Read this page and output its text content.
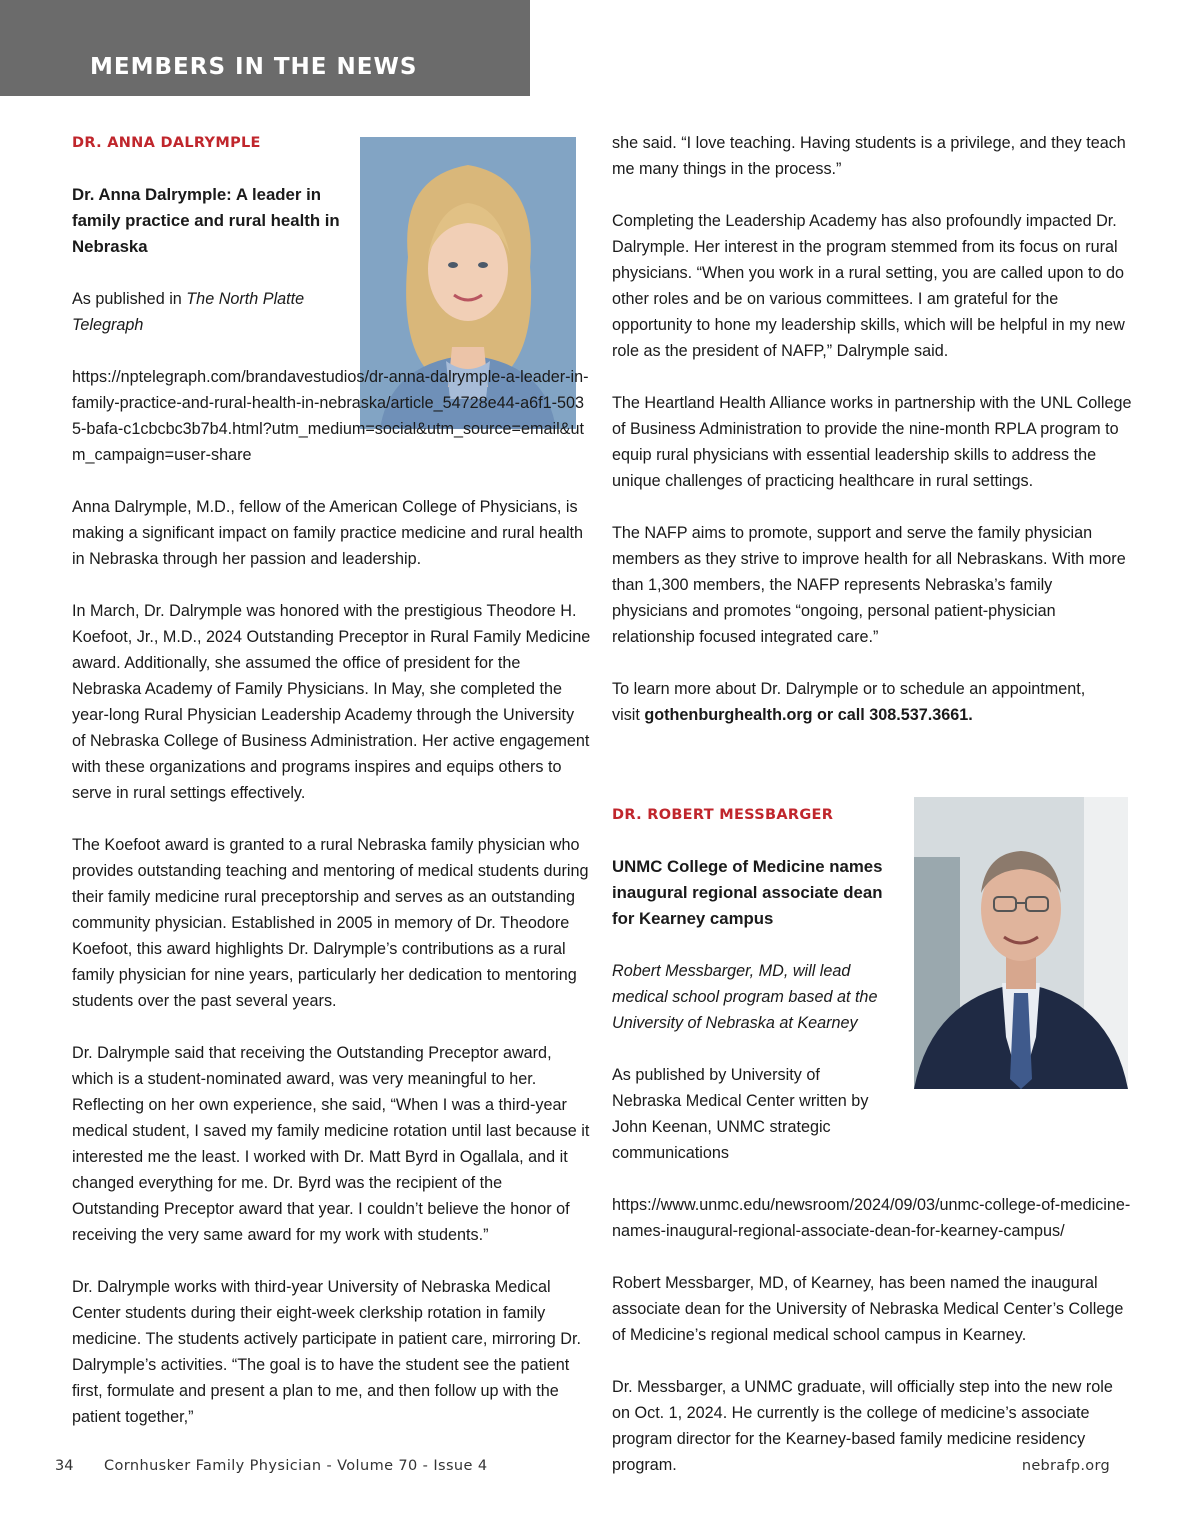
MEMBERS IN THE NEWS

DR. ANNA DALRYMPLE

Dr. Anna Dalrymple: A leader in family practice and rural health in Nebraska

As published in The North Platte Telegraph

https://nptelegraph.com/brandavestudios/dr-anna-dalrymple-a-leader-in-family-practice-and-rural-health-in-nebraska/article_54728e44-a6f1-5035-bafa-c1cbcbc3b7b4.html?utm_medium=social&utm_source=email&utm_campaign=user-share

Anna Dalrymple, M.D., fellow of the American College of Physicians, is making a significant impact on family practice medicine and rural health in Nebraska through her passion and leadership.

In March, Dr. Dalrymple was honored with the prestigious Theodore H. Koefoot, Jr., M.D., 2024 Outstanding Preceptor in Rural Family Medicine award. Additionally, she assumed the office of president for the Nebraska Academy of Family Physicians. In May, she completed the year-long Rural Physician Leadership Academy through the University of Nebraska College of Business Administration. Her active engagement with these organizations and programs inspires and equips others to serve in rural settings effectively.

The Koefoot award is granted to a rural Nebraska family physician who provides outstanding teaching and mentoring of medical students during their family medicine rural preceptorship and serves as an outstanding community physician. Established in 2005 in memory of Dr. Theodore Koefoot, this award highlights Dr. Dalrymple’s contributions as a rural family physician for nine years, particularly her dedication to mentoring students over the past several years.

Dr. Dalrymple said that receiving the Outstanding Preceptor award, which is a student-nominated award, was very meaningful to her. Reflecting on her own experience, she said, “When I was a third-year medical student, I saved my family medicine rotation until last because it interested me the least. I worked with Dr. Matt Byrd in Ogallala, and it changed everything for me. Dr. Byrd was the recipient of the Outstanding Preceptor award that year. I couldn’t believe the honor of receiving the very same award for my work with students.”

Dr. Dalrymple works with third-year University of Nebraska Medical Center students during their eight-week clerkship rotation in family medicine. The students actively participate in patient care, mirroring Dr. Dalrymple’s activities. “The goal is to have the student see the patient first, formulate and present a plan to me, and then follow up with the patient together,”

she said. “I love teaching. Having students is a privilege, and they teach me many things in the process.”

Completing the Leadership Academy has also profoundly impacted Dr. Dalrymple. Her interest in the program stemmed from its focus on rural physicians. “When you work in a rural setting, you are called upon to do other roles and be on various committees. I am grateful for the opportunity to hone my leadership skills, which will be helpful in my new role as the president of NAFP,” Dalrymple said.

The Heartland Health Alliance works in partnership with the UNL College of Business Administration to provide the nine-month RPLA program to equip rural physicians with essential leadership skills to address the unique challenges of practicing healthcare in rural settings.

The NAFP aims to promote, support and serve the family physician members as they strive to improve health for all Nebraskans. With more than 1,300 members, the NAFP represents Nebraska’s family physicians and promotes “ongoing, personal patient-physician relationship focused integrated care.”

To learn more about Dr. Dalrymple or to schedule an appointment,
visit gothenburghealth.org or call 308.537.3661.

DR. ROBERT MESSBARGER

UNMC College of Medicine names inaugural regional associate dean for Kearney campus

Robert Messbarger, MD, will lead medical school program based at the University of Nebraska at Kearney

As published by University of Nebraska Medical Center written by John Keenan, UNMC strategic communications

https://www.unmc.edu/newsroom/2024/09/03/unmc-college-of-medicine-names-inaugural-regional-associate-dean-for-kearney-campus/

Robert Messbarger, MD, of Kearney, has been named the inaugural associate dean for the University of Nebraska Medical Center’s College of Medicine’s regional medical school campus in Kearney.

Dr. Messbarger, a UNMC graduate, will officially step into the new role on Oct. 1, 2024. He currently is the college of medicine’s associate program director for the Kearney-based family medicine residency program.

34 Cornhusker Family Physician - Volume 70 - Issue 4	nebrafp.org
